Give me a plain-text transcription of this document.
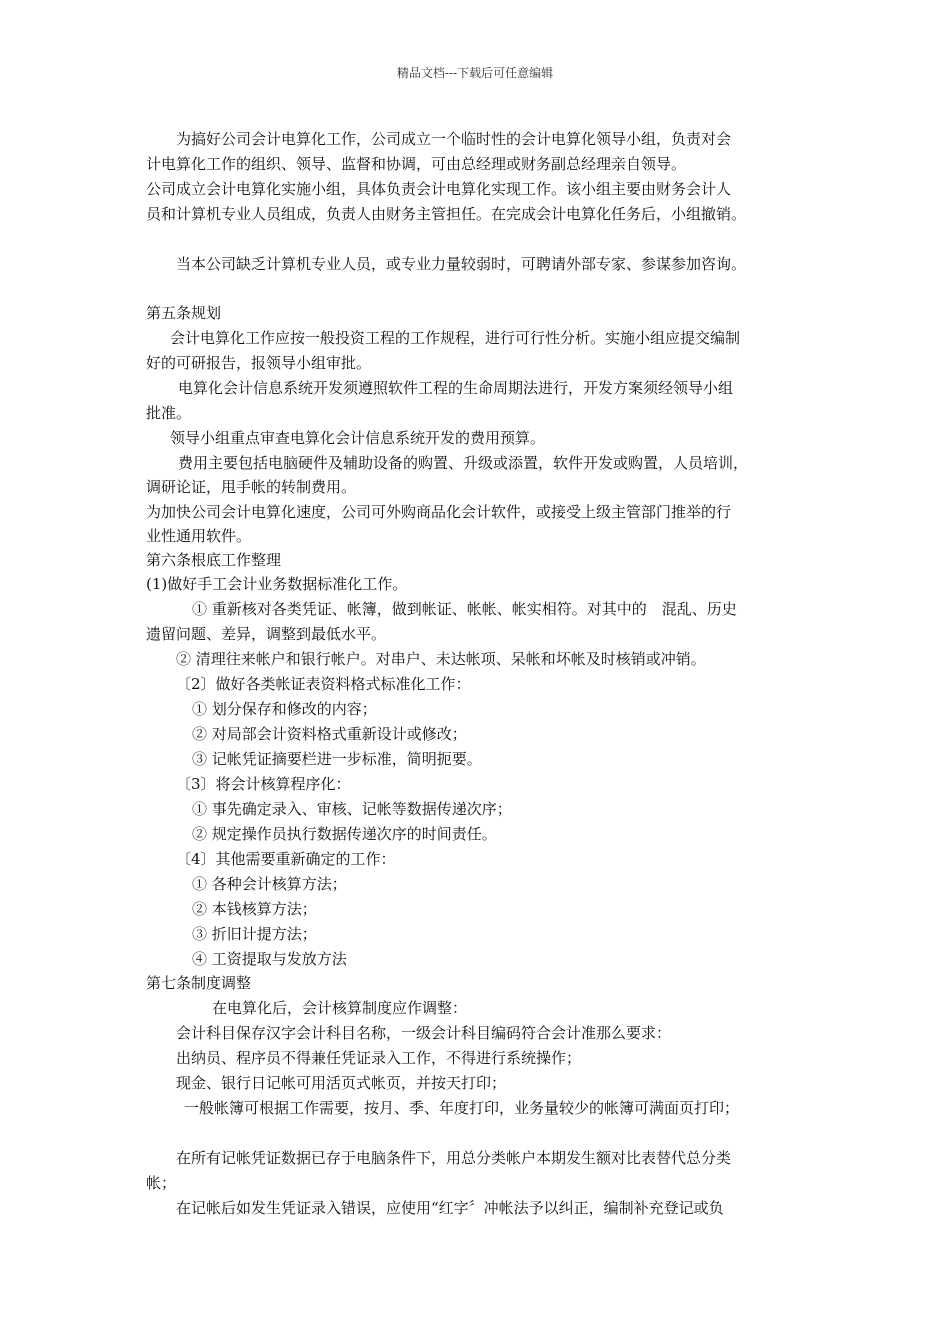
精品文档---下载后可任意编辑
为搞好公司会计电算化工作，公司成立一个临时性的会计电算化领导小组，负责对会
计电算化工作的组织、领导、监督和协调，可由总经理或财务副总经理亲自领导。
公司成立会计电算化实施小组，具体负责会计电算化实现工作。该小组主要由财务会计人
员和计算机专业人员组成，负责人由财务主管担任。在完成会计电算化任务后，小组撤销。
当本公司缺乏计算机专业人员，或专业力量较弱时，可聘请外部专家、参谋参加咨询。
第五条规划
会计电算化工作应按一般投资工程的工作规程，进行可行性分析。实施小组应提交编制
好的可研报告，报领导小组审批。
电算化会计信息系统开发须遵照软件工程的生命周期法进行，开发方案须经领导小组
批准。
领导小组重点审查电算化会计信息系统开发的费用预算。
费用主要包括电脑硬件及辅助设备的购置、升级或添置，软件开发或购置，人员培训，
调研论证，甩手帐的转制费用。
为加快公司会计电算化速度，公司可外购商品化会计软件，或接受上级主管部门推举的行
业性通用软件。
第六条根底工作整理
(1)做好手工会计业务数据标准化工作。
① 重新核对各类凭证、帐簿，做到帐证、帐帐、帐实相符。对其中的　混乱、历史
遗留问题、差异，调整到最低水平。
② 清理往来帐户和银行帐户。对串户、未达帐项、呆帐和坏帐及时核销或冲销。
〔2〕做好各类帐证表资料格式标准化工作：
① 划分保存和修改的内容；
② 对局部会计资料格式重新设计或修改；
③ 记帐凭证摘要栏进一步标准，简明扼要。
〔3〕将会计核算程序化：
① 事先确定录入、审核、记帐等数据传递次序；
② 规定操作员执行数据传递次序的时间责任。
〔4〕其他需要重新确定的工作：
① 各种会计核算方法；
② 本钱核算方法；
③ 折旧计提方法；
④ 工资提取与发放方法
第七条制度调整
在电算化后，会计核算制度应作调整：
会计科目保存汉字会计科目名称，一级会计科目编码符合会计准那么要求：
出纳员、程序员不得兼任凭证录入工作，不得进行系统操作；
现金、银行日记帐可用活页式帐页，并按天打印；
一般帐簿可根据工作需要，按月、季、年度打印，业务量较少的帐簿可满面页打印；
在所有记帐凭证数据已存于电脑条件下，用总分类帐户本期发生额对比表替代总分类
帐；
在记帐后如发生凭证录入错误，应使用“红字〞冲帐法予以纠正，编制补充登记或负
